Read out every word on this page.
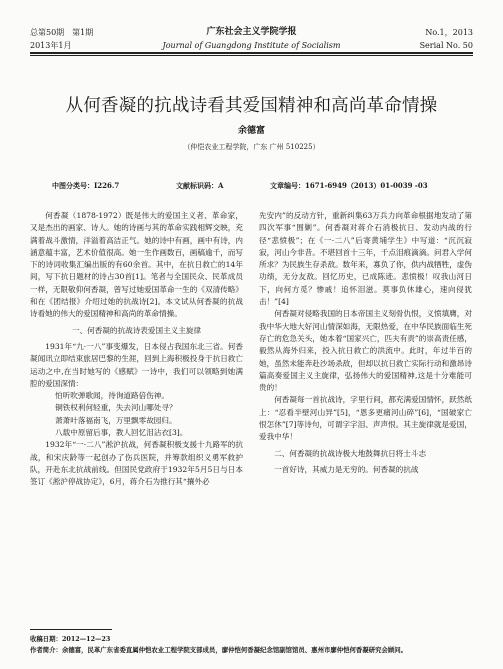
总第50期　第1期
2013年1月
广东社会主义学院学报
Journal of Guangdong Institute of Socialism
No.1，2013
Serial No. 50
从何香凝的抗战诗看其爱国精神和高尚革命情操
余德富
（仲恺农业工程学院，广东 广州 510225）
中图分类号：I226.7	文献标识码：A	文章编号：1671-6949（2013）01-0039 -03

何香凝（1878-1972）既是伟大的爱国主义者、革命家，又是杰出的画家、诗人。她的诗画与其的革命实践相辉交映，充满着战斗激情，洋溢着高洁正气。她的诗中有画，画中有诗，内涵意蕴丰富，艺术价值很高。她一生作画数百，画稿逾千，而写下的诗词收集汇编出版的有60余首。其中，在抗日救亡的14年间，写下抗日题材的诗占30首[1]。笔者与全国民众、民革成员一样，无限敬仰何香凝，曾写过她爱国革命一生的《双清传略》和在《团结报》介绍过她的抗战诗[2]。本文试从何香凝的抗战诗看她的伟大的爱国精神和高尚的革命情操。

一、何香凝的抗战诗表爱国主义主旋律

1931年“九·一八”事变爆发，日本侵占我国东北三省。何香凝闻讯立即结束旅居巴黎的生涯，回到上海积极投身于抗日救亡运动之中,在当时她写的《感赋》一诗中，我们可以领略到她满腔的爱国深情：

怕听吹弹歌闻，待询道路倍伤神。

铜铁权利何轻重，失去河山哪处寻？

萧萧叶落福南飞，万里飘零故园归。

八载中原留后事，教人回忆泪沾衣[3]。

1932年“一·二八”淞沪抗战，何香凝积极支援十九路军的抗战，和宋庆龄等一起创办了伤兵医院，并筹款组织义勇军救护队，开赴东北抗战前线。但国民党政府于1932年5月5日与日本签订《淞沪停战协定》，6月，蒋介石为推行其“攘外必

先安内”的反动方针，重新纠集63万兵力向革命根据地发动了第四次军事“围剿”。何香凝对蒋介石消极抗日、发动内战的行径“悲愤极”；在《一·二八”后寄黄埔学生》中写道：“沉沉寂寂，河山今非昔。不堪回首十三年，千点泪痕滴滴。问君入学何所求？为民族生存杀敌。数年来，寡负了你，供内战牺牲，虚伪功绩，无分友敌。回忆历史，已成陈迹。悲愤极！叹我山河日下，向何方觅？惨戚！追怀泪滋。莫事负休雄心，速向侵犹击！”[4]

何香凝对侵略我国的日本帝国主义刻骨仇恨，义愤填膺，对我中华大地大好河山情深如海，无限热爱，在中华民族面临生死存亡的危急关头，她本着“国家兴亡，匹夫有责”的崇高责任感，毅然从海外归来，投入抗日救亡的洪流中。此时，年过半百的她，虽然未能奔赴沙场杀敌，但却以抗日救亡实际行动和激昂诗篇高奏爱国主义主旋律，弘扬伟大的爱国精神,这是十分难能可贵的！

何香凝每一首抗战诗，字里行间，都充满爱国情怀，跃然纸上：“忍看半壁河山异”[5]，“恩多更痛河山碎”[6]，“国破家亡恨怎休”[7]等诗句，可谓字字泪、声声恨。其主旋律就是爱国，爱我中华！

二、何香凝的抗战诗极大地鼓舞抗日将士斗志

一首好诗，其威力是无穷的。何香凝的抗战

收稿日期：2012—12—23
作者简介：余德富，民革广东省委直属仲恺农业工程学院支部成员，廖仲恺何香凝纪念馆副馆馆员、惠州市廖仲恺何香凝研究会顾问。
